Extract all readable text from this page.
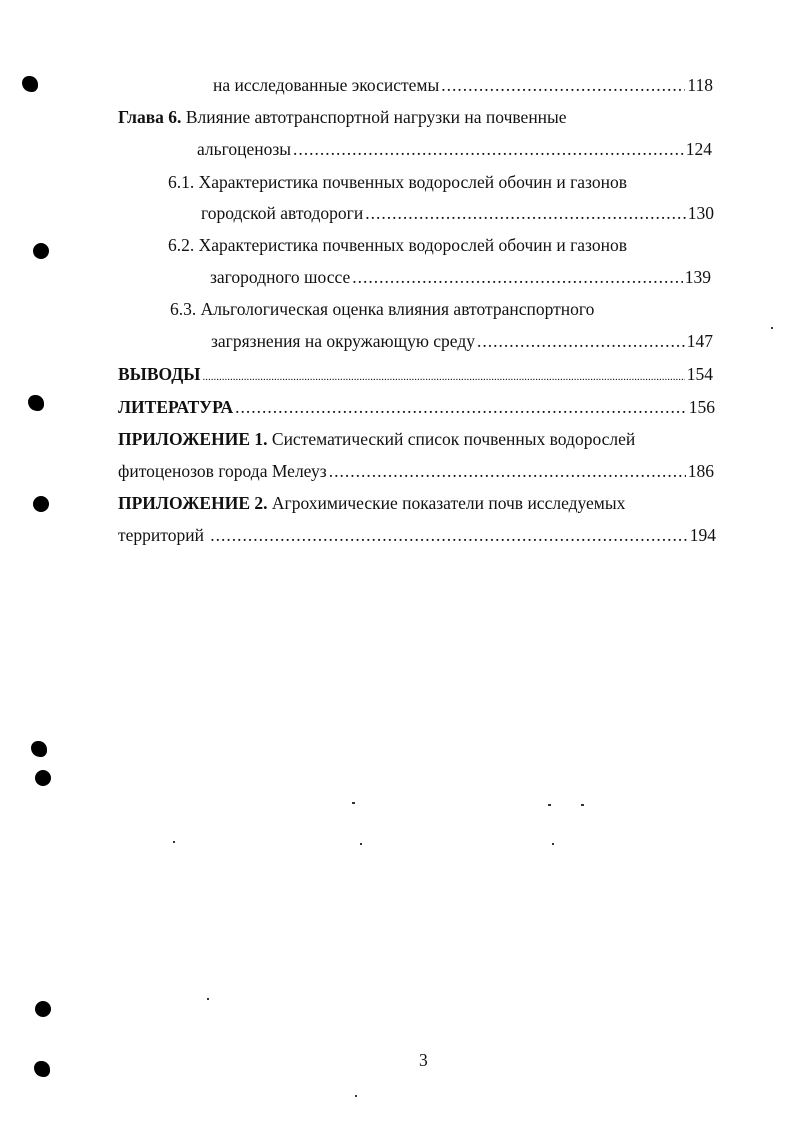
на исследованные экосистемы .....	118
Глава 6. Влияние автотранспортной нагрузки на почвенные
альгоценозы .....	124
6.1. Характеристика почвенных водорослей обочин и газонов
городской автодороги .....	130
6.2. Характеристика почвенных водорослей обочин и газонов
загородного шоссе .....	139
6.3. Альгологическая оценка влияния автотранспортного
загрязнения на окружающую среду .....	147
ВЫВОДЫ .....	154
ЛИТЕРАТУРА .....	156
ПРИЛОЖЕНИЕ 1. Систематический список почвенных водорослей
фитоценозов города Мелеуз .....	186
ПРИЛОЖЕНИЕ 2. Агрохимические показатели почв исследуемых
территорий .....	194
3
